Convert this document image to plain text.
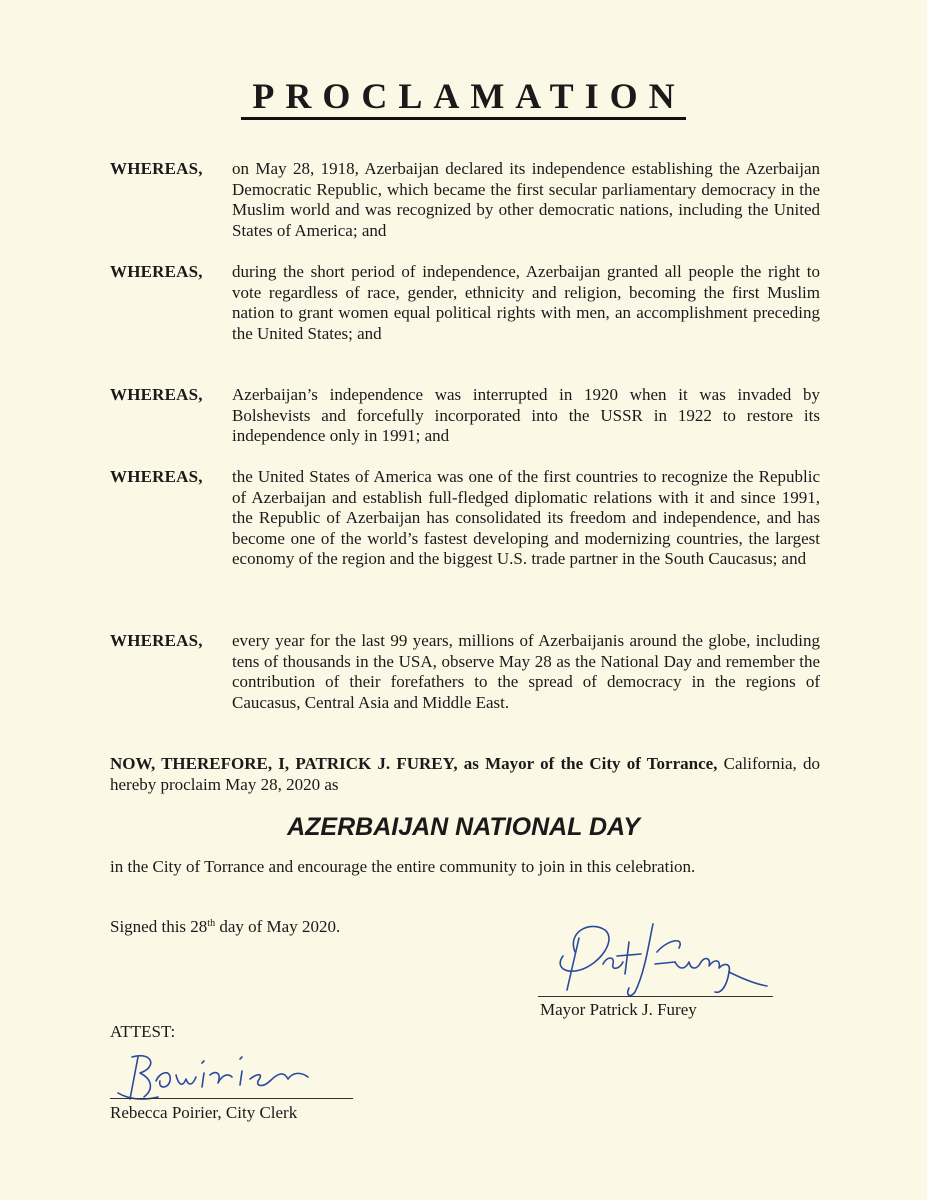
PROCLAMATION
WHEREAS, on May 28, 1918, Azerbaijan declared its independence establishing the Azerbaijan Democratic Republic, which became the first secular parliamentary democracy in the Muslim world and was recognized by other democratic nations, including the United States of America; and
WHEREAS, during the short period of independence, Azerbaijan granted all people the right to vote regardless of race, gender, ethnicity and religion, becoming the first Muslim nation to grant women equal political rights with men, an accomplishment preceding the United States; and
WHEREAS, Azerbaijan’s independence was interrupted in 1920 when it was invaded by Bolshevists and forcefully incorporated into the USSR in 1922 to restore its independence only in 1991; and
WHEREAS, the United States of America was one of the first countries to recognize the Republic of Azerbaijan and establish full-fledged diplomatic relations with it and since 1991, the Republic of Azerbaijan has consolidated its freedom and independence, and has become one of the world’s fastest developing and modernizing countries, the largest economy of the region and the biggest U.S. trade partner in the South Caucasus; and
WHEREAS, every year for the last 99 years, millions of Azerbaijanis around the globe, including tens of thousands in the USA, observe May 28 as the National Day and remember the contribution of their forefathers to the spread of democracy in the regions of Caucasus, Central Asia and Middle East.
NOW, THEREFORE, I, PATRICK J. FUREY, as Mayor of the City of Torrance, California, do hereby proclaim May 28, 2020 as
AZERBAIJAN NATIONAL DAY
in the City of Torrance and encourage the entire community to join in this celebration.
Signed this 28th day of May 2020.
Mayor Patrick J. Furey
ATTEST:
Rebecca Poirier, City Clerk
